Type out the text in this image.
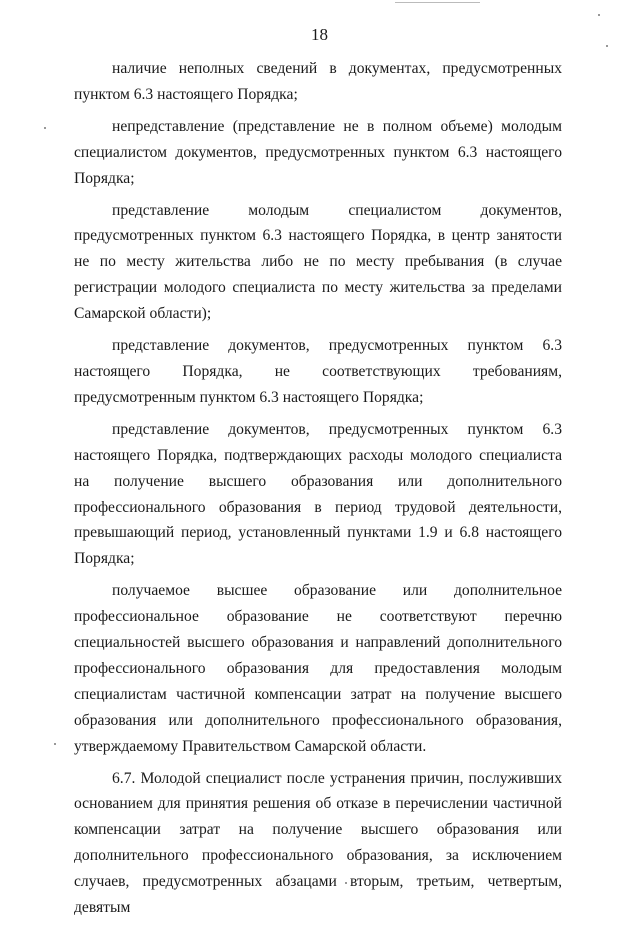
18

наличие неполных сведений в документах, предусмотренных пунктом 6.3 настоящего Порядка;

непредставление (представление не в полном объеме) молодым специалистом документов, предусмотренных пунктом 6.3 настоящего Порядка;

представление молодым специалистом документов, предусмотренных пунктом 6.3 настоящего Порядка, в центр занятости не по месту жительства либо не по месту пребывания (в случае регистрации молодого специалиста по месту жительства за пределами Самарской области);

представление документов, предусмотренных пунктом 6.3 настоящего Порядка, не соответствующих требованиям, предусмотренным пунктом 6.3 настоящего Порядка;

представление документов, предусмотренных пунктом 6.3 настоящего Порядка, подтверждающих расходы молодого специалиста на получение высшего образования или дополнительного профессионального образования в период трудовой деятельности, превышающий период, установленный пунктами 1.9 и 6.8 настоящего Порядка;

получаемое высшее образование или дополнительное профессиональное образование не соответствуют перечню специальностей высшего образования и направлений дополнительного профессионального образования для предоставления молодым специалистам частичной компенсации затрат на получение высшего образования или дополнительного профессионального образования, утверждаемому Правительством Самарской области.

6.7. Молодой специалист после устранения причин, послуживших основанием для принятия решения об отказе в перечислении частичной компенсации затрат на получение высшего образования или дополнительного профессионального образования, за исключением случаев, предусмотренных абзацами вторым, третьим, четвертым, девятым
